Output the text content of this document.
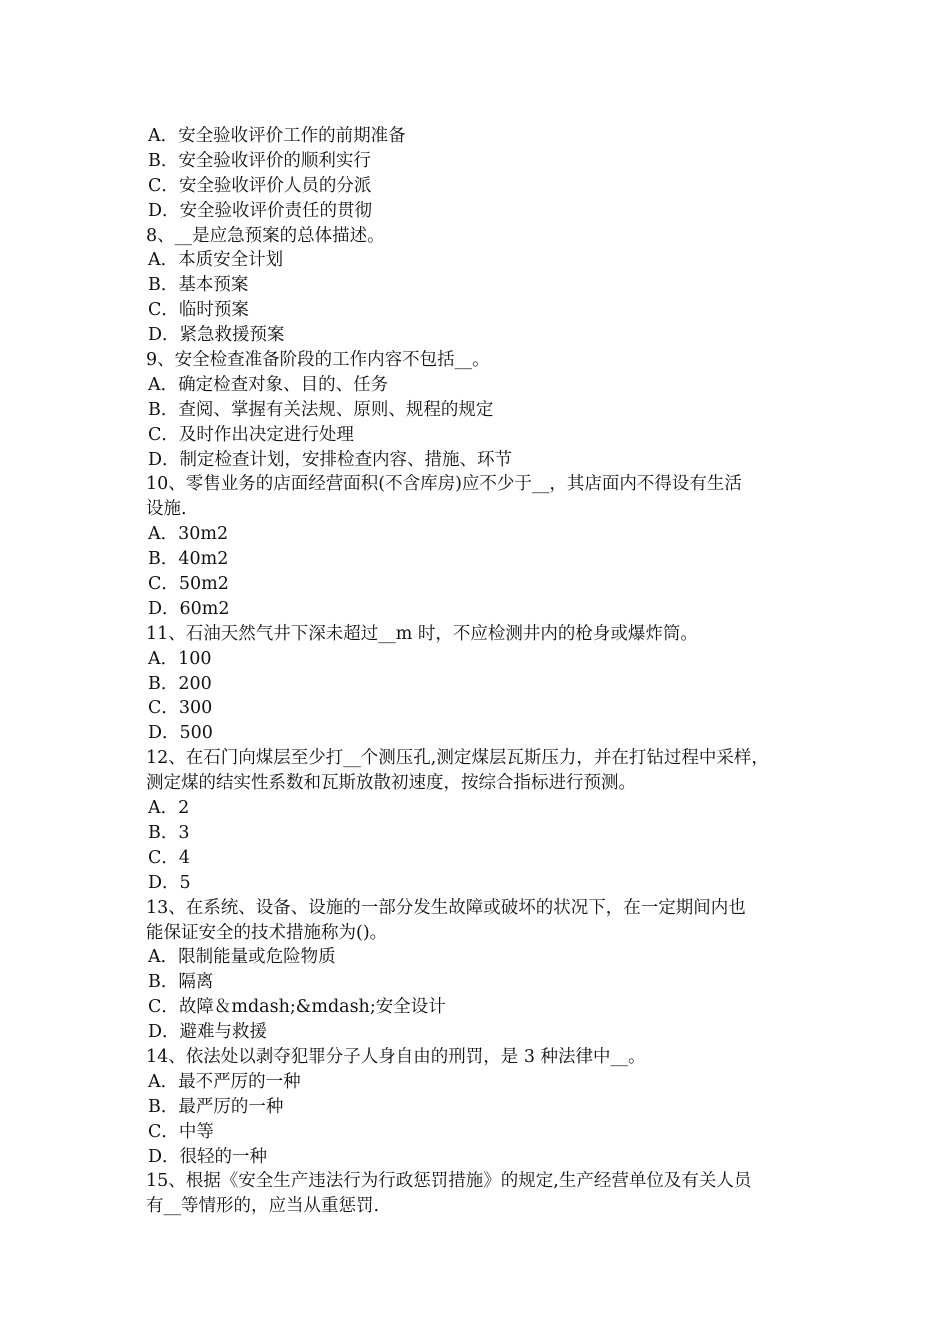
A．安全验收评价工作的前期准备
B．安全验收评价的顺利实行
C．安全验收评价人员的分派
D．安全验收评价责任的贯彻
8、__是应急预案的总体描述。
A．本质安全计划
B．基本预案
C．临时预案
D．紧急救援预案
9、安全检查准备阶段的工作内容不包括__。
A．确定检查对象、目的、任务
B．查阅、掌握有关法规、原则、规程的规定
C．及时作出决定进行处理
D．制定检查计划，安排检查内容、措施、环节
10、零售业务的店面经营面积(不含库房)应不少于__，其店面内不得设有生活
设施.
A．30m2
B．40m2
C．50m2
D．60m2
11、石油天然气井下深未超过__m 时，不应检测井内的枪身或爆炸筒。
A．100
B．200
C．300
D．500
12、在石门向煤层至少打__个测压孔,测定煤层瓦斯压力，并在打钻过程中采样，
测定煤的结实性系数和瓦斯放散初速度，按综合指标进行预测。
A．2
B．3
C．4
D．5
13、在系统、设备、设施的一部分发生故障或破坏的状况下，在一定期间内也
能保证安全的技术措施称为()。
A．限制能量或危险物质
B．隔离
C．故障＆mdash;&mdash;安全设计
D．避难与救援
14、依法处以剥夺犯罪分子人身自由的刑罚，是 3 种法律中__。
A．最不严厉的一种
B．最严厉的一种
C．中等
D．很轻的一种
15、根据《安全生产违法行为行政惩罚措施》的规定,生产经营单位及有关人员
有__等情形的，应当从重惩罚.
